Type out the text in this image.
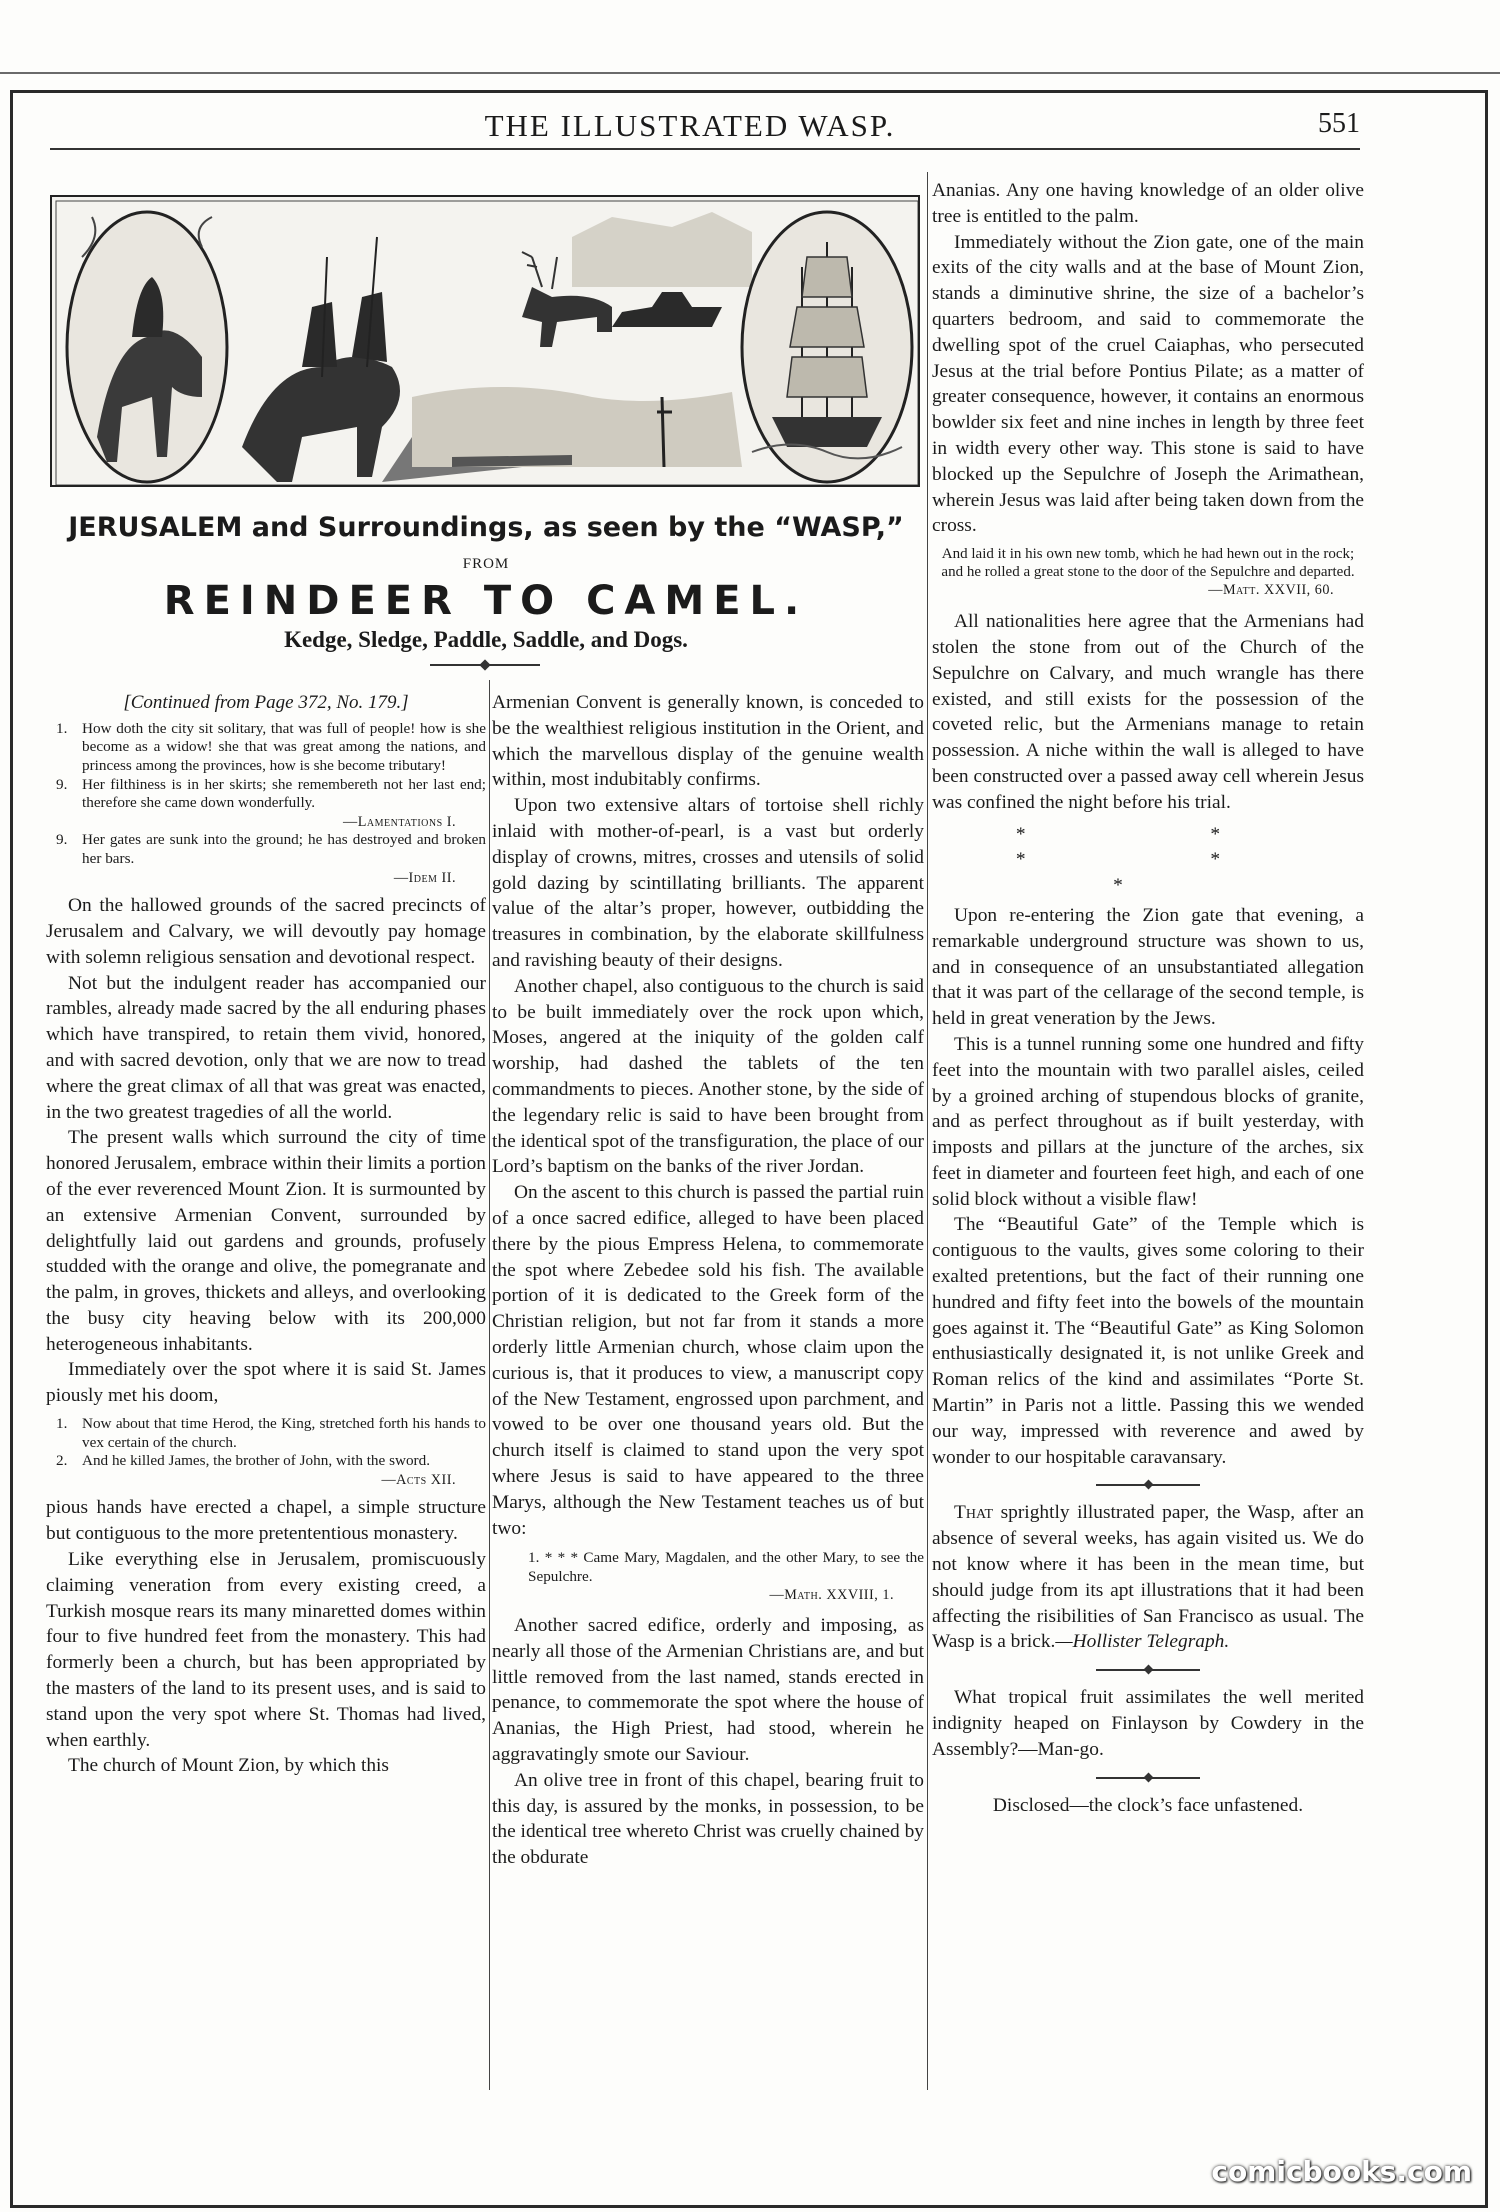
THE ILLUSTRATED WASP.	551
JERUSALEM and Surroundings, as seen by the “WASP,”
FROM
REINDEER TO CAMEL.
Kedge, Sledge, Paddle, Saddle, and Dogs.
[Continued from Page 372, No. 179.]
1. How doth the city sit solitary, that was full of people! how is she become as a widow! she that was great among the nations, and princess among the provinces, how is she become tributary!
9. Her filthiness is in her skirts; she remembereth not her last end; therefore she came down wonderfully.
—Lamentations I.
9. Her gates are sunk into the ground; he has destroyed and broken her bars.
—Idem II.

On the hallowed grounds of the sacred precincts of Jerusalem and Calvary, we will devoutly pay homage with solemn religious sensation and devotional respect.

Not but the indulgent reader has accompanied our rambles, already made sacred by the all enduring phases which have transpired, to retain them vivid, honored, and with sacred devotion, only that we are now to tread where the great climax of all that was great was enacted, in the two greatest tragedies of all the world.

The present walls which surround the city of time honored Jerusalem, embrace within their limits a portion of the ever reverenced Mount Zion. It is surmounted by an extensive Armenian Convent, surrounded by delightfully laid out gardens and grounds, profusely studded with the orange and olive, the pomegranate and the palm, in groves, thickets and alleys, and overlooking the busy city heaving below with its 200,000 heterogeneous inhabitants.

Immediately over the spot where it is said St. James piously met his doom,

1. Now about that time Herod, the King, stretched forth his hands to vex certain of the church.
2. And he killed James, the brother of John, with the sword.
—Acts XII.

pious hands have erected a chapel, a simple structure but contiguous to the more pretententious monastery.

Like everything else in Jerusalem, promiscuously claiming veneration from every existing creed, a Turkish mosque rears its many minaretted domes within four to five hundred feet from the monastery. This had formerly been a church, but has been appropriated by the masters of the land to its present uses, and is said to stand upon the very spot where St. Thomas had lived, when earthly.

The church of Mount Zion, by which this

Armenian Convent is generally known, is conceded to be the wealthiest religious institution in the Orient, and which the marvellous display of the genuine wealth within, most indubitably confirms.

Upon two extensive altars of tortoise shell richly inlaid with mother-of-pearl, is a vast but orderly display of crowns, mitres, crosses and utensils of solid gold dazing by scintillating brilliants. The apparent value of the altar’s proper, however, outbidding the treasures in combination, by the elaborate skillfulness and ravishing beauty of their designs.

Another chapel, also contiguous to the church is said to be built immediately over the rock upon which, Moses, angered at the iniquity of the golden calf worship, had dashed the tablets of the ten commandments to pieces. Another stone, by the side of the legendary relic is said to have been brought from the identical spot of the transfiguration, the place of our Lord’s baptism on the banks of the river Jordan.

On the ascent to this church is passed the partial ruin of a once sacred edifice, alleged to have been placed there by the pious Empress Helena, to commemorate the spot where Zebedee sold his fish. The available portion of it is dedicated to the Greek form of the Christian religion, but not far from it stands a more orderly little Armenian church, whose claim upon the curious is, that it produces to view, a manuscript copy of the New Testament, engrossed upon parchment, and vowed to be over one thousand years old. But the church itself is claimed to stand upon the very spot where Jesus is said to have appeared to the three Marys, although the New Testament teaches us of but two:

1. * * * Came Mary, Magdalen, and the other Mary, to see the Sepulchre.
—Math. XXVIII, 1.

Another sacred edifice, orderly and imposing, as nearly all those of the Armenian Christians are, and but little removed from the last named, stands erected in penance, to commemorate the spot where the house of Ananias, the High Priest, had stood, wherein he aggravatingly smote our Saviour.

An olive tree in front of this chapel, bearing fruit to this day, is assured by the monks, in possession, to be the identical tree whereto Christ was cruelly chained by the obdurate

Ananias. Any one having knowledge of an older olive tree is entitled to the palm.

Immediately without the Zion gate, one of the main exits of the city walls and at the base of Mount Zion, stands a diminutive shrine, the size of a bachelor’s quarters bedroom, and said to commemorate the dwelling spot of the cruel Caiaphas, who persecuted Jesus at the trial before Pontius Pilate; as a matter of greater consequence, however, it contains an enormous bowlder six feet and nine inches in length by three feet in width every other way. This stone is said to have blocked up the Sepulchre of Joseph the Arimathean, wherein Jesus was laid after being taken down from the cross.

And laid it in his own new tomb, which he had hewn out in the rock; and he rolled a great stone to the door of the Sepulchre and departed.
—Matt. XXVII, 60.

All nationalities here agree that the Armenians had stolen the stone from out of the Church of the Sepulchre on Calvary, and much wrangle has there existed, and still exists for the possession of the coveted relic, but the Armenians manage to retain possession. A niche within the wall is alleged to have been constructed over a passed away cell wherein Jesus was confined the night before his trial.

* * * * *

Upon re-entering the Zion gate that evening, a remarkable underground structure was shown to us, and in consequence of an unsubstantiated allegation that it was part of the cellarage of the second temple, is held in great veneration by the Jews.

This is a tunnel running some one hundred and fifty feet into the mountain with two parallel aisles, ceiled by a groined arching of stupendous blocks of granite, and as perfect throughout as if built yesterday, with imposts and pillars at the juncture of the arches, six feet in diameter and fourteen feet high, and each of one solid block without a visible flaw!

The “Beautiful Gate” of the Temple which is contiguous to the vaults, gives some coloring to their exalted pretentions, but the fact of their running one hundred and fifty feet into the bowels of the mountain goes against it. The “Beautiful Gate” as King Solomon enthusiastically designated it, is not unlike Greek and Roman relics of the kind and assimilates “Porte St. Martin” in Paris not a little. Passing this we wended our way, impressed with reverence and awed by wonder to our hospitable caravansary.

That sprightly illustrated paper, the Wasp, after an absence of several weeks, has again visited us. We do not know where it has been in the mean time, but should judge from its apt illustrations that it had been affecting the risibilities of San Francisco as usual. The Wasp is a brick.—Hollister Telegraph.

What tropical fruit assimilates the well merited indignity heaped on Finlayson by Cowdery in the Assembly?—Man-go.

Disclosed—the clock’s face unfastened.

comicbooks.com
